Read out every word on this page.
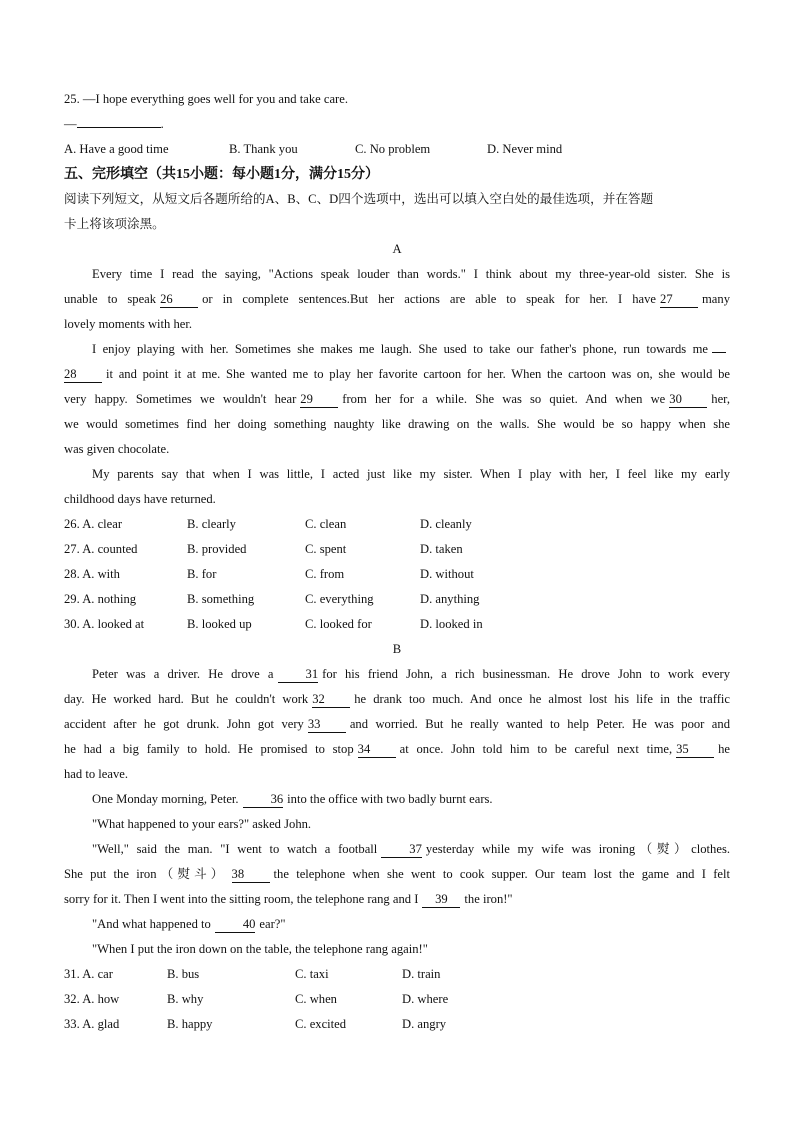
25. —I hope everything goes well for you and take care.
—	.
A. Have a good time	B. Thank you	C. No problem	D. Never mind
五、完形填空（共15小题：每小题1分，满分15分）
阅读下列短文，从短文后各题所给的A、B、C、D四个选项中，选出可以填入空白处的最佳选项，并在答题
卡上将该项涂黑。
A
Every time I read the saying, "Actions speak louder than words." I think about my three-year-old sister. She is
unable to speak 26 or in complete sentences.But her actions are able to speak for her. I have 27 many
lovely moments with her.
I enjoy playing with her. Sometimes she makes me laugh. She used to take our father's phone, run towards me
28 it and point it at me. She wanted me to play her favorite cartoon for her. When the cartoon was on, she would be
very happy. Sometimes we wouldn't hear 29 from her for a while. She was so quiet. And when we 30 her,
we would sometimes find her doing something naughty like drawing on the walls. She would be so happy when she
was given chocolate.
My parents say that when I was little, I acted just like my sister. When I play with her, I feel like my early
childhood days have returned.
26. A. clear	B. clearly	C. clean	D. cleanly
27. A. counted	B. provided	C. spent	D. taken
28. A. with	B. for	C. from	D. without
29. A. nothing	B. something	C. everything	D. anything
30. A. looked at	B. looked up	C. looked for	D. looked in
B
Peter was a driver. He drove a	31 for his friend John, a rich businessman. He drove John to work every
day. He worked hard. But he couldn't work 32 he drank too much. And once he almost lost his life in the traffic
accident after he got drunk. John got very 33 and worried. But he really wanted to help Peter. He was poor and
he had a big family to hold. He promised to stop 34 at once. John told him to be careful next time, 35 he
had to leave.
One Monday morning, Peter.	36 into the office with two badly burnt ears.
"What happened to your ears?" asked John.
"Well," said the man. "I went to watch a football	37 yesterday while my wife was ironing（熨）clothes.
She put the iron（熨斗） 38 the telephone when she went to cook supper. Our team lost the game and I felt
sorry for it. Then I went into the sitting room, the telephone rang and I 39 the iron!"
"And what happened to	40 ear?"
"When I put the iron down on the table, the telephone rang again!"
31. A. car	B. bus	C. taxi	D. train
32. A. how	B. why	C. when	D. where
33. A. glad	B. happy	C. excited	D. angry
